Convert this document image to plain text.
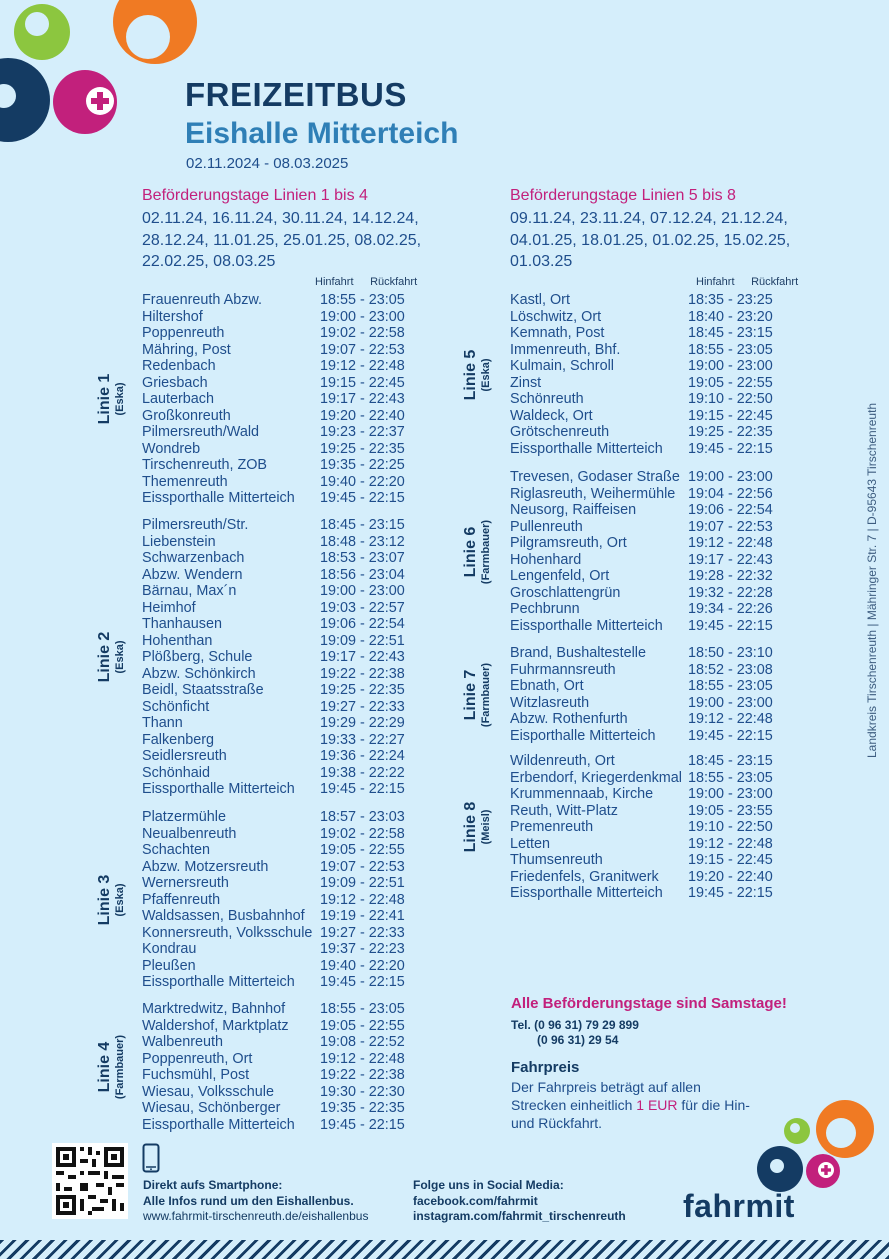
FREIZEITBUS
Eishalle Mitterteich
02.11.2024 - 08.03.2025
Beförderungstage Linien 1 bis 4

02.11.24, 16.11.24, 30.11.24, 14.12.24, 28.12.24, 11.01.25, 25.01.25, 08.02.25, 22.02.25, 08.03.25

Beförderungstage Linien 5 bis 8

09.11.24, 23.11.24, 07.12.24, 21.12.24, 04.01.25, 18.01.25, 01.02.25, 15.02.25, 01.03.25

Hinfahrt Rückfahrt	Hinfahrt Rückfahrt
Frauenreuth Abzw.	18:55 - 23:05
Hiltershof	19:00 - 23:00
Poppenreuth	19:02 - 22:58
Mähring, Post	19:07 - 22:53
Redenbach	19:12 - 22:48
Griesbach	19:15 - 22:45
Lauterbach	19:17 - 22:43
Großkonreuth	19:20 - 22:40
Pilmersreuth/Wald	19:23 - 22:37
Wondreb	19:25 - 22:35
Tirschenreuth, ZOB	19:35 - 22:25
Themenreuth	19:40 - 22:20
Eissporthalle Mitterteich	19:45 - 22:15
Linie 1 (Eska)
Pilmersreuth/Str.	18:45 - 23:15
Liebenstein	18:48 - 23:12
Schwarzenbach	18:53 - 23:07
Abzw. Wendern	18:56 - 23:04
Bärnau, Max´n	19:00 - 23:00
Heimhof	19:03 - 22:57
Thanhausen	19:06 - 22:54
Hohenthan	19:09 - 22:51
Plößberg, Schule	19:17 - 22:43
Abzw. Schönkirch	19:22 - 22:38
Beidl, Staatsstraße	19:25 - 22:35
Schönficht	19:27 - 22:33
Thann	19:29 - 22:29
Falkenberg	19:33 - 22:27
Seidlersreuth	19:36 - 22:24
Schönhaid	19:38 - 22:22
Eissporthalle Mitterteich	19:45 - 22:15
Linie 2 (Eska)
Platzermühle	18:57 - 23:03
Neualbenreuth	19:02 - 22:58
Schachten	19:05 - 22:55
Abzw. Motzersreuth	19:07 - 22:53
Wernersreuth	19:09 - 22:51
Pfaffenreuth	19:12 - 22:48
Waldsassen, Busbahnhof	19:19 - 22:41
Konnersreuth, Volksschule 19:27 - 22:33
Kondrau	19:37 - 22:23
Pleußen	19:40 - 22:20
Eissporthalle Mitterteich	19:45 - 22:15
Linie 3 (Eska)
Marktredwitz, Bahnhof	18:55 - 23:05
Waldershof, Marktplatz	19:05 - 22:55
Walbenreuth	19:08 - 22:52
Poppenreuth, Ort	19:12 - 22:48
Fuchsmühl, Post	19:22 - 22:38
Wiesau, Volksschule	19:30 - 22:30
Wiesau, Schönberger	19:35 - 22:35
Eissporthalle Mitterteich	19:45 - 22:15
Linie 4 (Farmbauer)
Kastl, Ort	18:35 - 23:25
Löschwitz, Ort	18:40 - 23:20
Kemnath, Post	18:45 - 23:15
Immenreuth, Bhf.	18:55 - 23:05
Kulmain, Schroll	19:00 - 23:00
Zinst	19:05 - 22:55
Schönreuth	19:10 - 22:50
Waldeck, Ort	19:15 - 22:45
Grötschenreuth	19:25 - 22:35
Eissporthalle Mitterteich	19:45 - 22:15
Linie 5 (Eska)
Trevesen, Godaser Straße 19:00 - 23:00
Riglasreuth, Weihermühle 19:04 - 22:56
Neusorg, Raiffeisen	19:06 - 22:54
Pullenreuth	19:07 - 22:53
Pilgramsreuth, Ort	19:12 - 22:48
Hohenhard	19:17 - 22:43
Lengenfeld, Ort	19:28 - 22:32
Groschlattengrün	19:32 - 22:28
Pechbrunn	19:34 - 22:26
Eissporthalle Mitterteich	19:45 - 22:15
Linie 6 (Farmbauer)
Brand, Bushaltestelle	18:50 - 23:10
Fuhrmannsreuth	18:52 - 23:08
Ebnath, Ort	18:55 - 23:05
Witzlasreuth	19:00 - 23:00
Abzw. Rothenfurth	19:12 - 22:48
Eisporthalle Mitterteich	19:45 - 22:15
Linie 7 (Farmbauer)
Wildenreuth, Ort	18:45 - 23:15
Erbendorf, Kriegerdenkmal 18:55 - 23:05
Krummennaab, Kirche	19:00 - 23:00
Reuth, Witt-Platz	19:05 - 23:55
Premenreuth	19:10 - 22:50
Letten	19:12 - 22:48
Thumsenreuth	19:15 - 22:45
Friedenfels, Granitwerk	19:20 - 22:40
Eissporthalle Mitterteich	19:45 - 22:15
Linie 8 (Meisl)
Alle Beförderungstage sind Samstage!
Tel. (0 96 31) 79 29 899
(0 96 31) 29 54
Fahrpreis
Der Fahrpreis beträgt auf allen Strecken einheitlich 1 EUR für die Hin- und Rückfahrt.
Direkt aufs Smartphone:
Alle Infos rund um den Eishallenbus.
www.fahrmit-tirschenreuth.de/eishallenbus
Folge uns in Social Media:
facebook.com/fahrmit
instagram.com/fahrmit_tirschenreuth fahrmit
Landkreis Tirschenreuth | Mähringer Str. 7 | D-95643 Tirschenreuth
